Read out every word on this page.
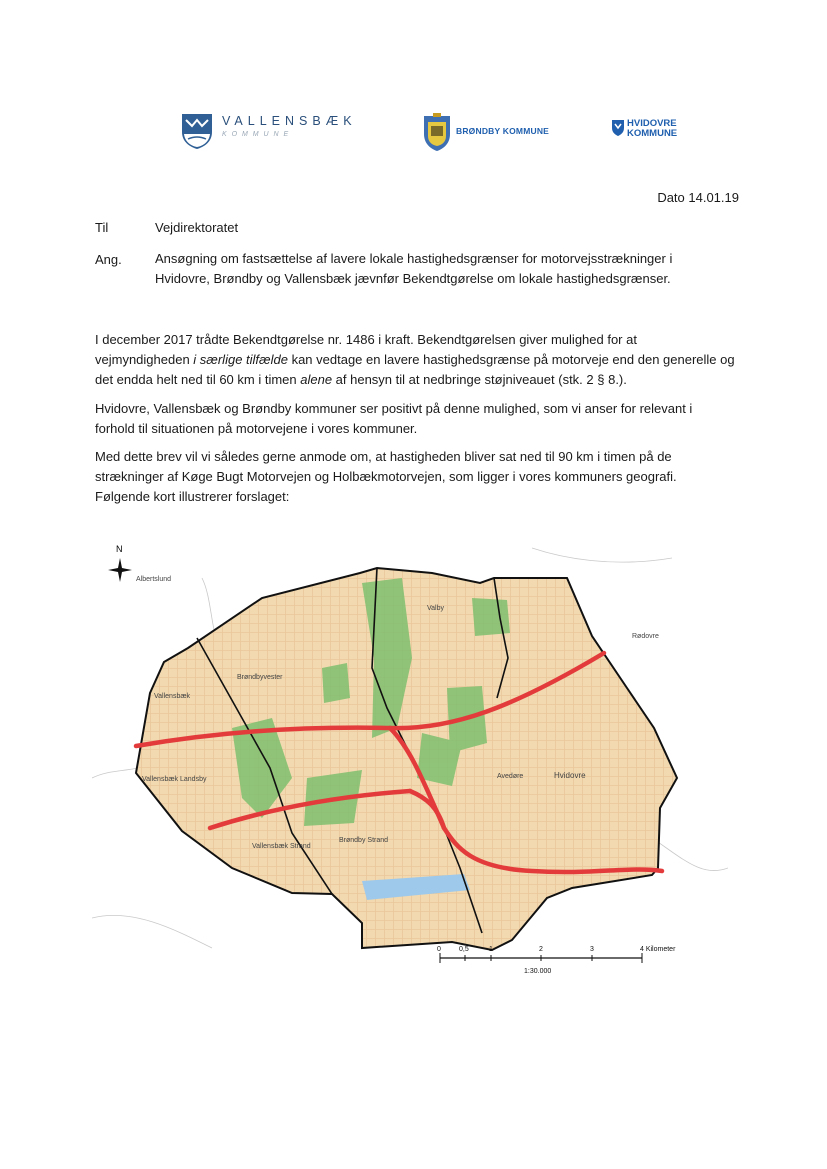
VALLENSBÆK
K O M M U N E	BRØNDBY KOMMUNE
HVIDOVRE
KOMMUNE
Dato 14.01.19
Til	Vejdirektoratet
Ang.	Ansøgning om fastsættelse af lavere lokale hastighedsgrænser for motorvejsstrækninger i Hvidovre, Brøndby og Vallensbæk jævnfør Bekendtgørelse om lokale hastighedsgrænser.

I december 2017 trådte Bekendtgørelse nr. 1486 i kraft. Bekendtgørelsen giver mulighed for at vejmyndigheden i særlige tilfælde kan vedtage en lavere hastighedsgrænse på motorveje end den generelle og det endda helt ned til 60 km i timen alene af hensyn til at nedbringe støjniveauet (stk. 2 § 8.).

Hvidovre, Vallensbæk og Brøndby kommuner ser positivt på denne mulighed, som vi anser for relevant i forhold til situationen på motorvejene i vores kommuner.

Med dette brev vil vi således gerne anmode om, at hastigheden bliver sat ned til 90 km i timen på de strækninger af Køge Bugt Motorvejen og Holbækmotorvejen, som ligger i vores kommuners geografi. Følgende kort illustrerer forslaget:

N
Albertslund
Rødovre
Valby
Brøndbyvester
Vallensbæk
Vallensbæk Landsby	Avedøre	Hvidovre
Brøndby Strand
Vallensbæk Strand
0	0,5	1	2	3	4 Kilometer
1:30.000
